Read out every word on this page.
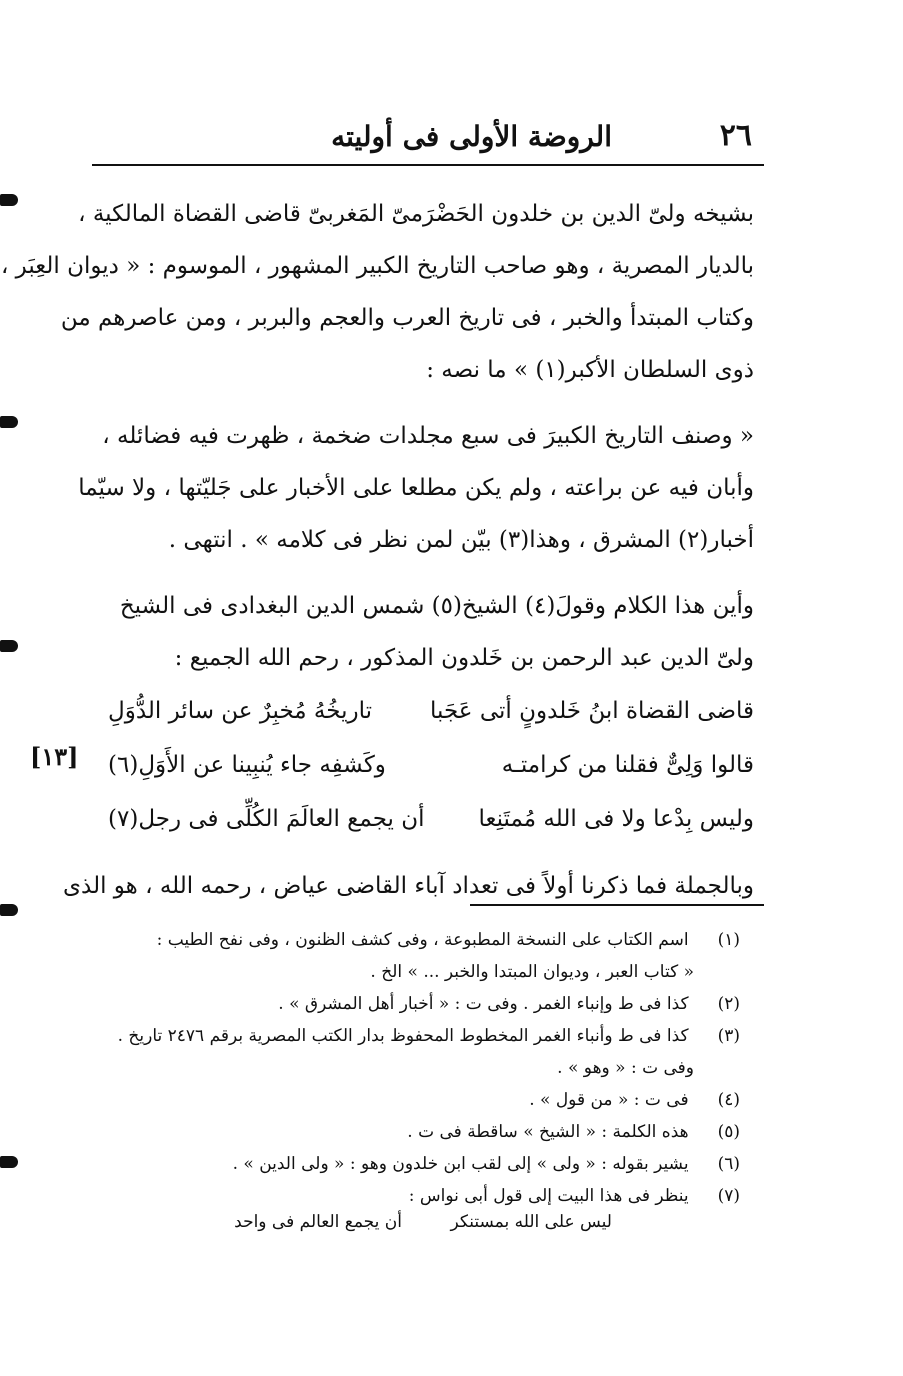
٢٦
الروضة الأولى فى أوليته
بشيخه ولىّ الدين بن خلدون الحَضْرَمىّ المَغربىّ قاضى القضاة المالكية ،
بالديار المصرية ، وهو صاحب التاريخ الكبير المشهور ، الموسوم : « ديوان العِبَر ،
وكتاب المبتدأ والخبر ، فى تاريخ العرب والعجم والبربر ، ومن عاصرهم من
ذوى السلطان الأكبر(١) » ما نصه :
« وصنف التاريخ الكبيرَ فى سبع مجلدات ضخمة ، ظهرت فيه فضائله ،
وأبان فيه عن براعته ، ولم يكن مطلعا على الأخبار على جَليّتها ، ولا سيّما
أخبار(٢) المشرق ، وهذا(٣) بيّن لمن نظر فى كلامه » . انتهى .
وأين هذا الكلام وقولَ(٤) الشيخ(٥) شمس الدين البغدادى فى الشيخ
ولىّ الدين عبد الرحمن بن خَلدون المذكور ، رحم الله الجميع :
قاضى القضاة ابنُ خَلدونٍ أتى عَجَبا
تاريخُهُ مُخبِرٌ عن سائر الدُّوَلِ
قالوا وَلِىٌّ فقلنا من كرامتـه
وكَشفِه جاء يُنبِينا عن الأَوَلِ(٦)
وليس بِدْعا ولا فى الله مُمتَنِعا
أن يجمع العالَمَ الكُلِّى فى رجل(٧)
وبالجملة فما ذكرنا أولاً فى تعداد آباء القاضى عياض ، رحمه الله ، هو الذى
[١٣]
(١) اسم الكتاب على النسخة المطبوعة ، وفى كشف الظنون ، وفى نفح الطيب :
« كتاب العبر ، وديوان المبتدا والخبر ... » الخ .
(٢) كذا فى ط وإنباء الغمر . وفى ت : « أخبار أهل المشرق » .
(٣) كذا فى ط وأنباء الغمر المخطوط المحفوظ بدار الكتب المصرية برقم ٢٤٧٦ تاريخ .
وفى ت : « وهو » .
(٤) فى ت : « من قول » .
(٥) هذه الكلمة : « الشيخ » ساقطة فى ت .
(٦) يشير بقوله : « ولى » إلى لقب ابن خلدون وهو : « ولى الدين » .
(٧) ينظر فى هذا البيت إلى قول أبى نواس :
ليس على الله بمستنكر
أن يجمع العالم فى واحد
